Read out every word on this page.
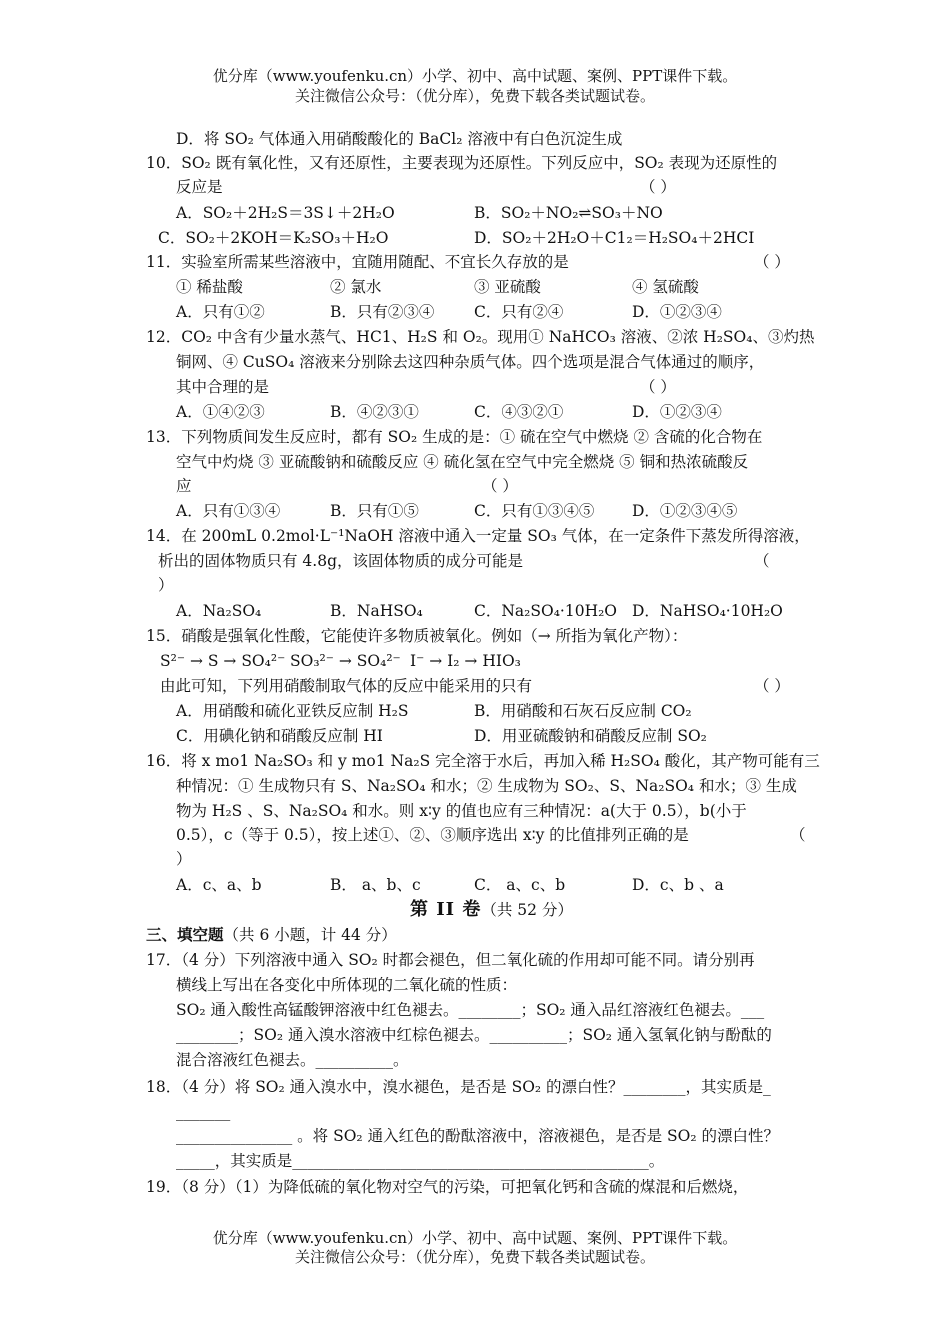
优分库（www.youfenku.cn）小学、初中、高中试题、案例、PPT课件下载。
关注微信公众号：（优分库），免费下载各类试题试卷。
D．将 SO₂ 气体通入用硝酸酸化的 BaCl₂ 溶液中有白色沉淀生成
10．SO₂ 既有氧化性，又有还原性，主要表现为还原性。下列反应中，SO₂ 表现为还原性的
反应是	（ ）
A．SO₂＋2H₂S＝3S↓＋2H₂O	B．SO₂＋NO₂⇌SO₃＋NO
C．SO₂＋2KOH＝K₂SO₃＋H₂O	D．SO₂＋2H₂O＋C1₂＝H₂SO₄＋2HCI
11．实验室所需某些溶液中，宜随用随配、不宜长久存放的是	（ ）
① 稀盐酸	② 氯水	③ 亚硫酸	④ 氢硫酸
A．只有①②	B．只有②③④	C．只有②④	D．①②③④
12．CO₂ 中含有少量水蒸气、HC1、H₂S 和 O₂。现用① NaHCO₃ 溶液、②浓 H₂SO₄、③灼热
铜网、④ CuSO₄ 溶液来分别除去这四种杂质气体。四个选项是混合气体通过的顺序，
其中合理的是	（ ）
A．①④②③	B．④②③①	C．④③②①	D．①②③④
13．下列物质间发生反应时，都有 SO₂ 生成的是：① 硫在空气中燃烧 ② 含硫的化合物在
空气中灼烧 ③ 亚硫酸钠和硫酸反应 ④ 硫化氢在空气中完全燃烧 ⑤ 铜和热浓硫酸反
应	（ ）
A．只有①③④	B．只有①⑤	C．只有①③④⑤ D．①②③④⑤
14．在 200mL 0.2mol·L⁻¹NaOH 溶液中通入一定量 SO₃ 气体，在一定条件下蒸发所得溶液，
析出的固体物质只有 4.8g，该固体物质的成分可能是	（
）
A．Na₂SO₄	B．NaHSO₄	C．Na₂SO₄·10H₂O D．NaHSO₄·10H₂O
15．硝酸是强氧化性酸，它能使许多物质被氧化。例如（→ 所指为氧化产物）：
S²⁻ → S → SO₄²⁻ SO₃²⁻ → SO₄²⁻ I⁻ → I₂ → HIO₃
由此可知，下列用硝酸制取气体的反应中能采用的只有	（ ）
A．用硝酸和硫化亚铁反应制 H₂S	B．用硝酸和石灰石反应制 CO₂
C．用碘化钠和硝酸反应制 HI	D．用亚硫酸钠和硝酸反应制 SO₂
16．将 x mo1 Na₂SO₃ 和 y mo1 Na₂S 完全溶于水后，再加入稀 H₂SO₄ 酸化，其产物可能有三
种情况：① 生成物只有 S、Na₂SO₄ 和水；② 生成物为 SO₂、S、Na₂SO₄ 和水；③ 生成
物为 H₂S 、S、Na₂SO₄ 和水。则 x∶y 的值也应有三种情况：a(大于 0.5），b(小于
0.5），c（等于 0.5），按上述①、②、③顺序选出 x∶y 的比值排列正确的是	（
）
A．c、a、b	B． a、b、c	C． a、c、b	D．c、b 、a
第 II 卷（共 52 分）
三、填空题（共 6 小题，计 44 分）
17．（4 分）下列溶液中通入 SO₂ 时都会褪色，但二氧化硫的作用却可能不同。请分别再
横线上写出在各变化中所体现的二氧化硫的性质：
SO₂ 通入酸性高锰酸钾溶液中红色褪去。________；SO₂ 通入品红溶液红色褪去。___
________；SO₂ 通入溴水溶液中红棕色褪去。__________；SO₂ 通入氢氧化钠与酚酞的
混合溶液红色褪去。__________。
18．（4 分）将 SO₂ 通入溴水中，溴水褪色，是否是 SO₂ 的漂白性？________，其实质是_
_______
_______________ 。将 SO₂ 通入红色的酚酞溶液中，溶液褪色，是否是 SO₂ 的漂白性？
_____，其实质是______________________________________________。
19．（8 分）（1）为降低硫的氧化物对空气的污染，可把氧化钙和含硫的煤混和后燃烧，
优分库（www.youfenku.cn）小学、初中、高中试题、案例、PPT课件下载。
关注微信公众号：（优分库），免费下载各类试题试卷。
